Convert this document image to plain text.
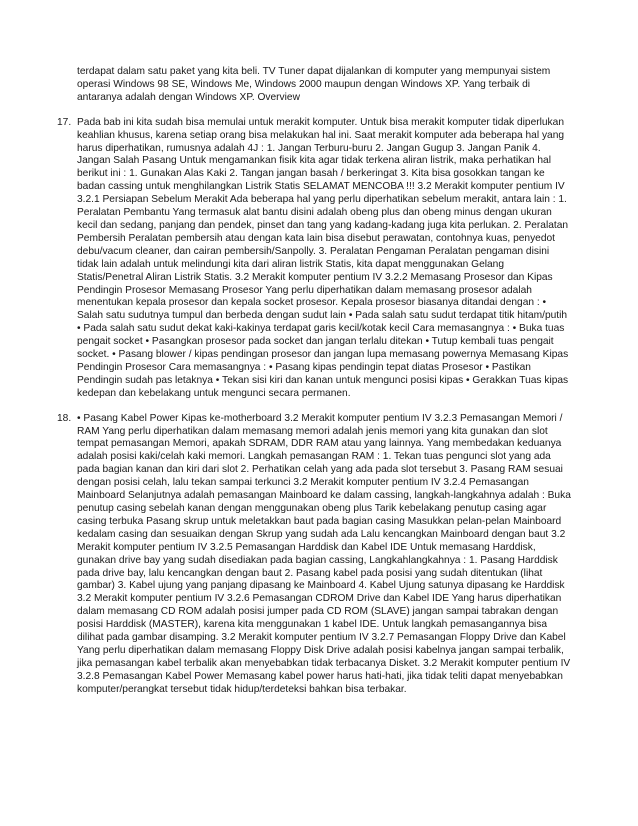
terdapat dalam satu paket yang kita beli. TV Tuner dapat dijalankan di komputer yang mempunyai sistem operasi Windows 98 SE, Windows Me, Windows 2000 maupun dengan Windows XP. Yang terbaik di antaranya adalah dengan Windows XP. Overview

17. Pada bab ini kita sudah bisa memulai untuk merakit komputer. Untuk bisa merakit komputer tidak diperlukan keahlian khusus, karena setiap orang bisa melakukan hal ini. Saat merakit komputer ada beberapa hal yang harus diperhatikan, rumusnya adalah 4J : 1. Jangan Terburu-buru 2. Jangan Gugup 3. Jangan Panik 4. Jangan Salah Pasang Untuk mengamankan fisik kita agar tidak terkena aliran listrik, maka perhatikan hal berikut ini : 1. Gunakan Alas Kaki 2. Tangan jangan basah / berkeringat 3. Kita bisa gosokkan tangan ke badan cassing untuk menghilangkan Listrik Statis SELAMAT MENCOBA !!! 3.2 Merakit komputer pentium IV 3.2.1 Persiapan Sebelum Merakit Ada beberapa hal yang perlu diperhatikan sebelum merakit, antara lain : 1. Peralatan Pembantu Yang termasuk alat bantu disini adalah obeng plus dan obeng minus dengan ukuran kecil dan sedang, panjang dan pendek, pinset dan tang yang kadang-kadang juga kita perlukan. 2. Peralatan Pembersih Peralatan pembersih atau dengan kata lain bisa disebut perawatan, contohnya kuas, penyedot debu/vacum cleaner, dan cairan pembersih/Sanpolly. 3. Peralatan Pengaman Peralatan pengaman disini tidak lain adalah untuk melindungi kita dari aliran listrik Statis, kita dapat menggunakan Gelang Statis/Penetral Aliran Listrik Statis. 3.2 Merakit komputer pentium IV 3.2.2 Memasang Prosesor dan Kipas Pendingin Prosesor Memasang Prosesor Yang perlu diperhatikan dalam memasang prosesor adalah menentukan kepala prosesor dan kepala socket prosesor. Kepala prosesor biasanya ditandai dengan : • Salah satu sudutnya tumpul dan berbeda dengan sudut lain • Pada salah satu sudut terdapat titik hitam/putih • Pada salah satu sudut dekat kaki-kakinya terdapat garis kecil/kotak kecil Cara memasangnya : • Buka tuas pengait socket • Pasangkan prosesor pada socket dan jangan terlalu ditekan • Tutup kembali tuas pengait socket. • Pasang blower / kipas pendingan prosesor dan jangan lupa memasang powernya Memasang Kipas Pendingin Prosesor Cara memasangnya : • Pasang kipas pendingin tepat diatas Prosesor • Pastikan Pendingin sudah pas letaknya • Tekan sisi kiri dan kanan untuk mengunci posisi kipas • Gerakkan Tuas kipas kedepan dan kebelakang untuk mengunci secara permanen.

18. • Pasang Kabel Power Kipas ke-motherboard 3.2 Merakit komputer pentium IV 3.2.3 Pemasangan Memori / RAM Yang perlu diperhatikan dalam memasang memori adalah jenis memori yang kita gunakan dan slot tempat pemasangan Memori, apakah SDRAM, DDR RAM atau yang lainnya. Yang membedakan keduanya adalah posisi kaki/celah kaki memori. Langkah pemasangan RAM : 1. Tekan tuas pengunci slot yang ada pada bagian kanan dan kiri dari slot 2. Perhatikan celah yang ada pada slot tersebut 3. Pasang RAM sesuai dengan posisi celah, lalu tekan sampai terkunci 3.2 Merakit komputer pentium IV 3.2.4 Pemasangan Mainboard Selanjutnya adalah pemasangan Mainboard ke dalam cassing, langkah-langkahnya adalah : Buka penutup casing sebelah kanan dengan menggunakan obeng plus Tarik kebelakang penutup casing agar casing terbuka Pasang skrup untuk meletakkan baut pada bagian casing Masukkan pelan-pelan Mainboard kedalam casing dan sesuaikan dengan Skrup yang sudah ada Lalu kencangkan Mainboard dengan baut 3.2 Merakit komputer pentium IV 3.2.5 Pemasangan Harddisk dan Kabel IDE Untuk memasang Harddisk, gunakan drive bay yang sudah disediakan pada bagian cassing, Langkahlangkahnya : 1. Pasang Harddisk pada drive bay, lalu kencangkan dengan baut 2. Pasang kabel pada posisi yang sudah ditentukan (lihat gambar) 3. Kabel ujung yang panjang dipasang ke Mainboard 4. Kabel Ujung satunya dipasang ke Harddisk 3.2 Merakit komputer pentium IV 3.2.6 Pemasangan CDROM Drive dan Kabel IDE Yang harus diperhatikan dalam memasang CD ROM adalah posisi jumper pada CD ROM (SLAVE) jangan sampai tabrakan dengan posisi Harddisk (MASTER), karena kita menggunakan 1 kabel IDE. Untuk langkah pemasangannya bisa dilihat pada gambar disamping. 3.2 Merakit komputer pentium IV 3.2.7 Pemasangan Floppy Drive dan Kabel Yang perlu diperhatikan dalam memasang Floppy Disk Drive adalah posisi kabelnya jangan sampai terbalik, jika pemasangan kabel terbalik akan menyebabkan tidak terbacanya Disket. 3.2 Merakit komputer pentium IV 3.2.8 Pemasangan Kabel Power Memasang kabel power harus hati-hati, jika tidak teliti dapat menyebabkan komputer/perangkat tersebut tidak hidup/terdeteksi bahkan bisa terbakar.
